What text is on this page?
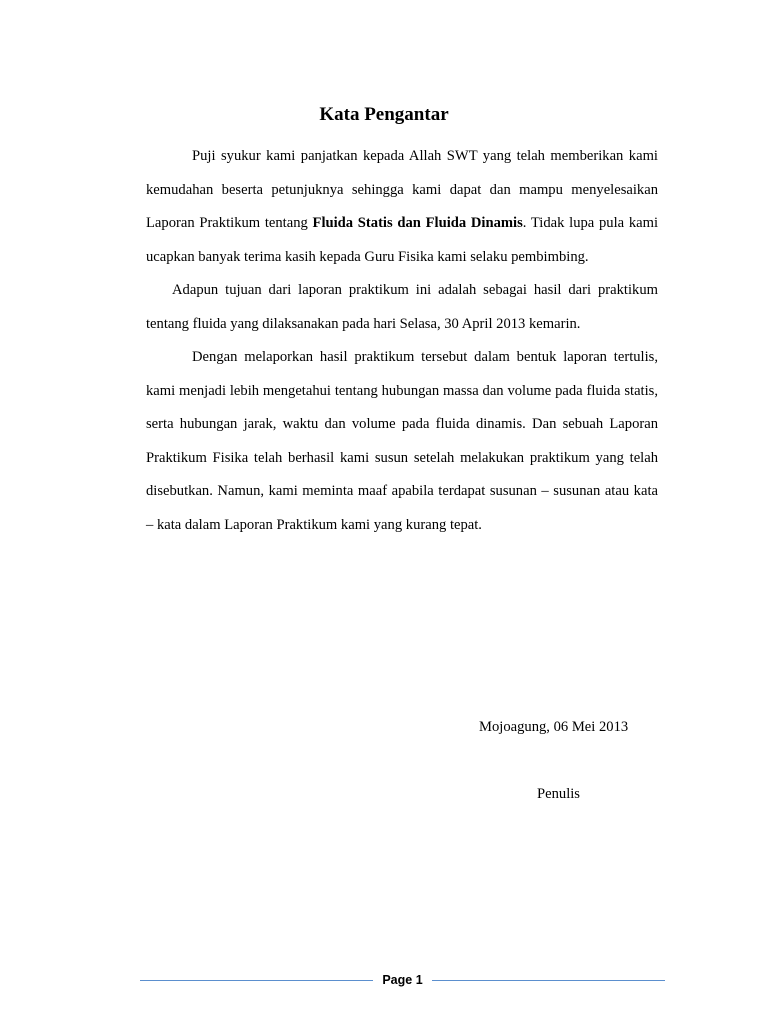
Kata Pengantar

Puji syukur kami panjatkan kepada Allah SWT yang telah memberikan kami kemudahan beserta petunjuknya sehingga kami dapat dan mampu menyelesaikan Laporan Praktikum tentang Fluida Statis dan Fluida Dinamis. Tidak lupa pula kami ucapkan banyak terima kasih kepada Guru Fisika kami selaku pembimbing.

Adapun tujuan dari laporan praktikum ini adalah sebagai hasil dari praktikum tentang fluida yang dilaksanakan pada hari Selasa, 30 April 2013 kemarin.

Dengan melaporkan hasil praktikum tersebut dalam bentuk laporan tertulis, kami menjadi lebih mengetahui tentang hubungan massa dan volume pada fluida statis, serta hubungan jarak, waktu dan volume pada fluida dinamis. Dan sebuah Laporan Praktikum Fisika telah berhasil kami susun setelah melakukan praktikum yang telah disebutkan. Namun, kami meminta maaf apabila terdapat susunan – susunan atau kata – kata dalam Laporan Praktikum kami yang kurang tepat.

Mojoagung, 06 Mei 2013
Penulis
Page 1
